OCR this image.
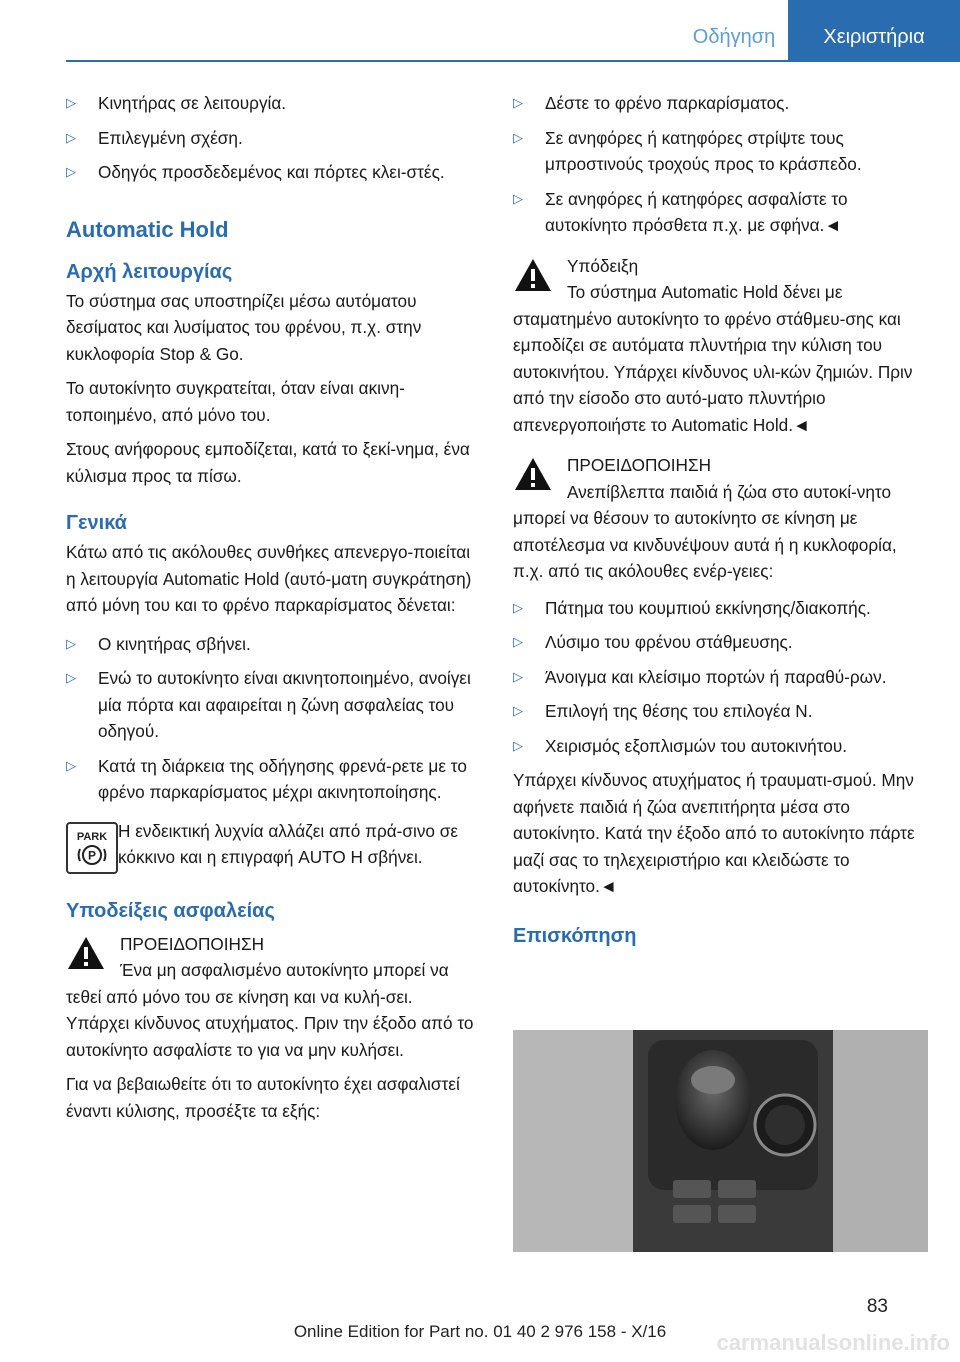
Οδήγηση	Χειριστήρια
▷ Κινητήρας σε λειτουργία.
▷ Επιλεγμένη σχέση.
▷ Οδηγός προσδεδεμένος και πόρτες κλει‐στές.
Automatic Hold
Αρχή λειτουργίας

Το σύστημα σας υποστηρίζει μέσω αυτόματου δεσίματος και λυσίματος του φρένου, π.χ. στην κυκλοφορία Stop & Go.

Το αυτοκίνητο συγκρατείται, όταν είναι ακινη‐τοποιημένο, από μόνο του.

Στους ανήφορους εμποδίζεται, κατά το ξεκί‐νημα, ένα κύλισμα προς τα πίσω.

Γενικά

Κάτω από τις ακόλουθες συνθήκες απενεργο‐ποιείται η λειτουργία Automatic Hold (αυτό‐ματη συγκράτηση) από μόνη του και το φρένο παρκαρίσματος δένεται:

▷ Ο κινητήρας σβήνει.
▷ Ενώ το αυτοκίνητο είναι ακινητοποιημένο, ανοίγει μία πόρτα και αφαιρείται η ζώνη ασφαλείας του οδηγού.
▷ Κατά τη διάρκεια της οδήγησης φρενά‐ρετε με το φρένο παρκαρίσματος μέχρι ακινητοποίησης.
PARK
P

Η ενδεικτική λυχνία αλλάζει από πρά‐σινο σε κόκκινο και η επιγραφή AUTO H σβήνει.

Υποδείξεις ασφαλείας

ΠΡΟΕΙΔΟΠΟΙΗΣΗ

Ένα μη ασφαλισμένο αυτοκίνητο μπορεί να τεθεί από μόνο του σε κίνηση και να κυλή‐σει. Υπάρχει κίνδυνος ατυχήματος. Πριν την έξοδο από το αυτοκίνητο ασφαλίστε το για να μην κυλήσει.

Για να βεβαιωθείτε ότι το αυτοκίνητο έχει ασφαλιστεί έναντι κύλισης, προσέξτε τα εξής:

▷ Δέστε το φρένο παρκαρίσματος.
▷ Σε ανηφόρες ή κατηφόρες στρίψτε τους μπροστινούς τροχούς προς το κράσπεδο.
▷ Σε ανηφόρες ή κατηφόρες ασφαλίστε το αυτοκίνητο πρόσθετα π.χ. με σφήνα.◄

Υπόδειξη

Το σύστημα Automatic Hold δένει με σταματημένο αυτοκίνητο το φρένο στάθμευ‐σης και εμποδίζει σε αυτόματα πλυντήρια την κύλιση του αυτοκινήτου. Υπάρχει κίνδυνος υλι‐κών ζημιών. Πριν από την είσοδο στο αυτό‐ματο πλυντήριο απενεργοποιήστε το Automatic Hold.◄

ΠΡΟΕΙΔΟΠΟΙΗΣΗ

Ανεπίβλεπτα παιδιά ή ζώα στο αυτοκί‐νητο μπορεί να θέσουν το αυτοκίνητο σε κίνηση με αποτέλεσμα να κινδυνέψουν αυτά ή η κυκλοφορία, π.χ. από τις ακόλουθες ενέρ‐γειες:

▷ Πάτημα του κουμπιού εκκίνησης/διακοπής.
▷ Λύσιμο του φρένου στάθμευσης.
▷ Άνοιγμα και κλείσιμο πορτών ή παραθύ‐ρων.
▷ Επιλογή της θέσης του επιλογέα N.
▷ Χειρισμός εξοπλισμών του αυτοκινήτου.

Υπάρχει κίνδυνος ατυχήματος ή τραυματι‐σμού. Μην αφήνετε παιδιά ή ζώα ανεπιτήρητα μέσα στο αυτοκίνητο. Κατά την έξοδο από το αυτοκίνητο πάρτε μαζί σας το τηλεχειριστήριο και κλειδώστε το αυτοκίνητο.◄

Επισκόπηση
83
Online Edition for Part no. 01 40 2 976 158 - X/16	carmanualsonline.info
